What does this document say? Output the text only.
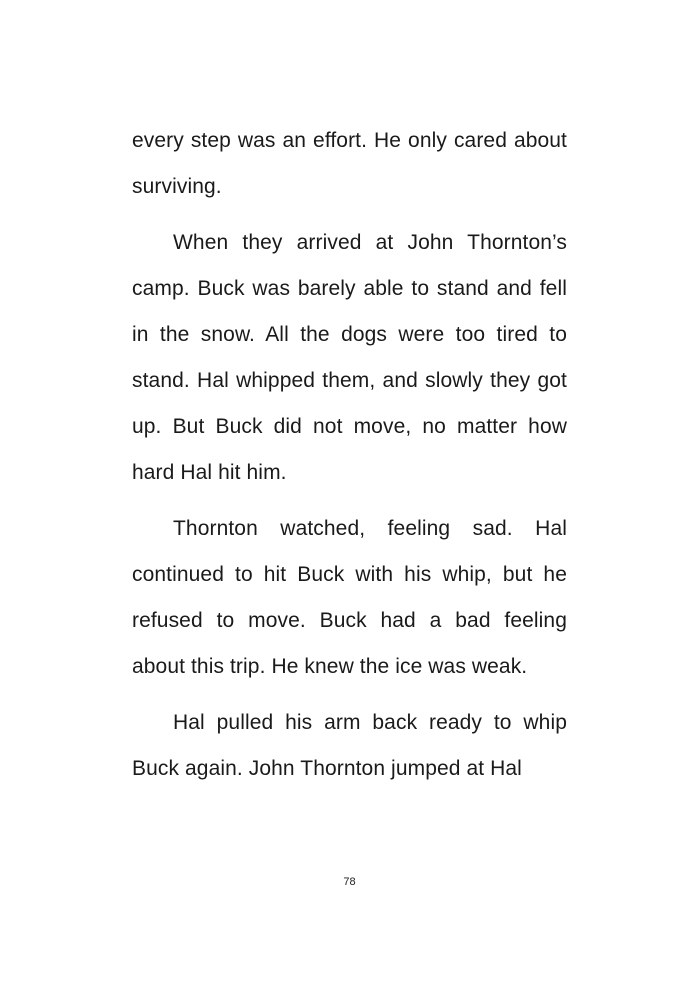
every step was an effort. He only cared about surviving.

When they arrived at John Thornton’s camp. Buck was barely able to stand and fell in the snow. All the dogs were too tired to stand. Hal whipped them, and slowly they got up. But Buck did not move, no matter how hard Hal hit him.

Thornton watched, feeling sad. Hal continued to hit Buck with his whip, but he refused to move. Buck had a bad feeling about this trip. He knew the ice was weak.

Hal pulled his arm back ready to whip Buck again. John Thornton jumped at Hal

78
